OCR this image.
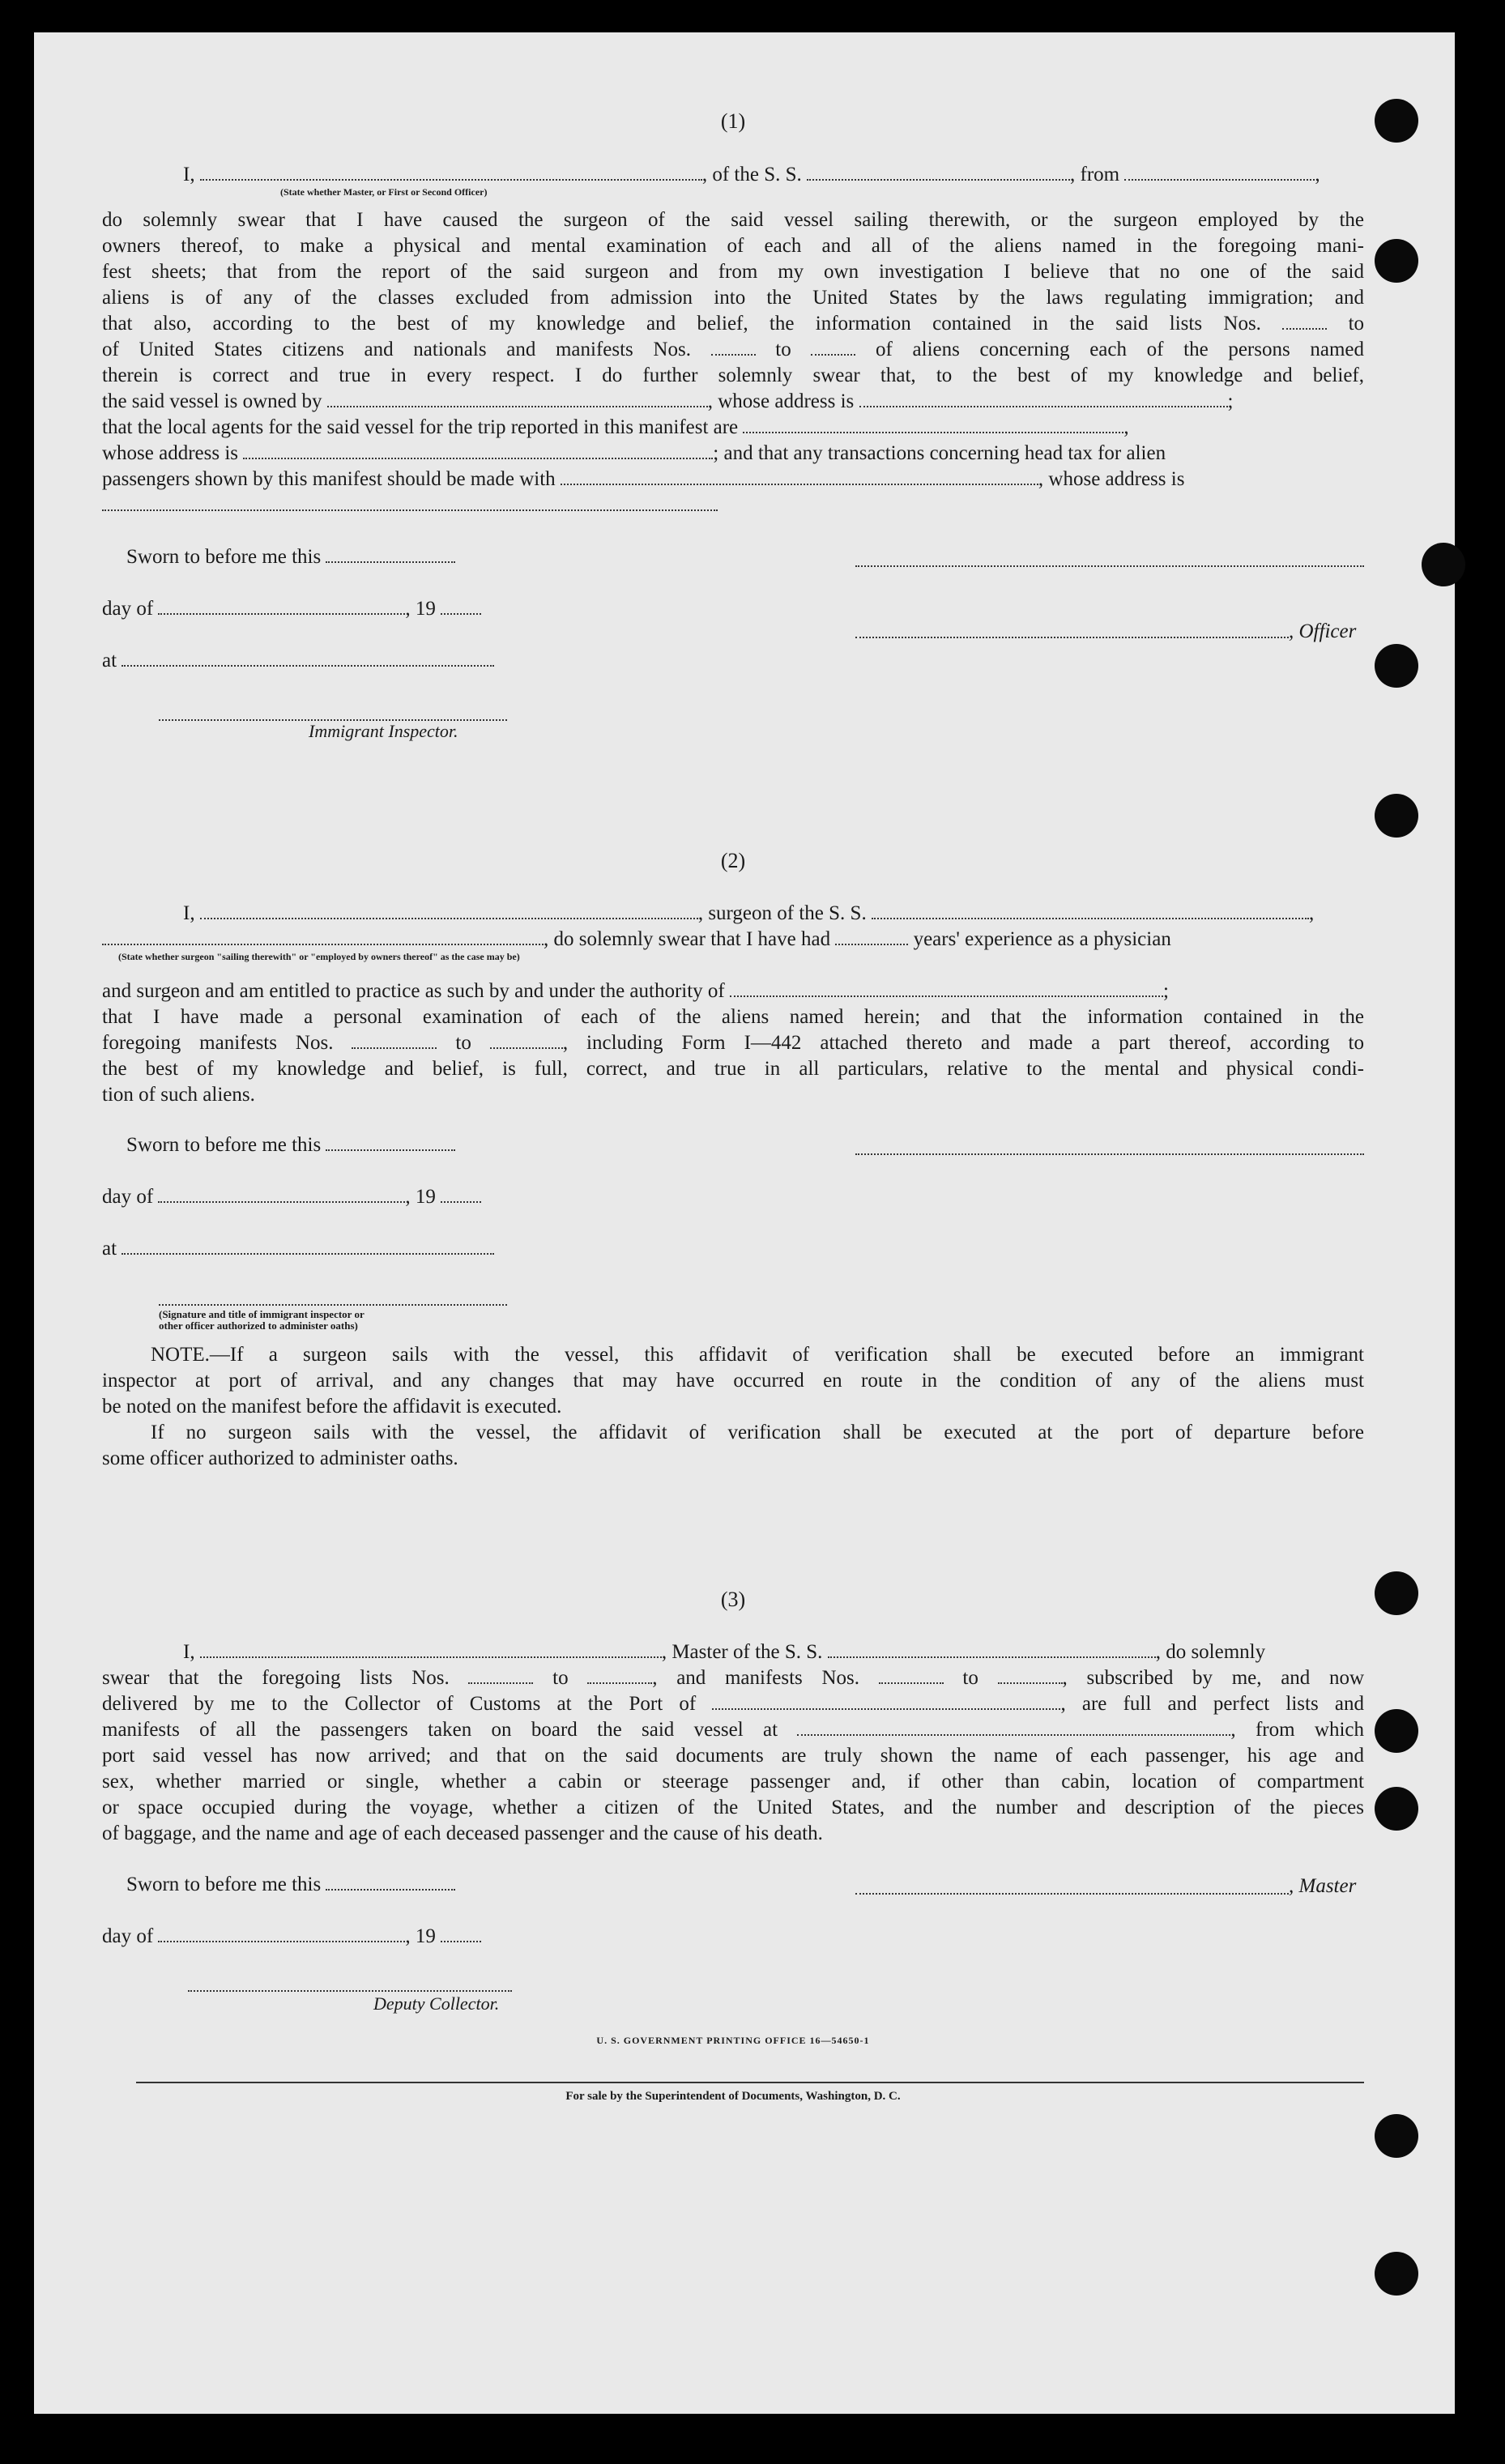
(1)
I,	, of the S. S.	, from	,
(State whether Master, or First or Second Officer)
do solemnly swear that I have caused the surgeon of the said vessel sailing therewith, or the surgeon employed by the
owners thereof, to make a physical and mental examination of each and all of the aliens named in the foregoing mani-
fest sheets; that from the report of the said surgeon and from my own investigation I believe that no one of the said
aliens is of any of the classes excluded from admission into the United States by the laws regulating immigration; and
that also, according to the best of my knowledge and belief, the information contained in the said lists Nos.	to
of United States citizens and nationals and manifests Nos.	to	of aliens concerning each of the persons named
therein is correct and true in every respect. I do further solemnly swear that, to the best of my knowledge and belief,
the said vessel is owned by	, whose address is	;
that the local agents for the said vessel for the trip reported in this manifest are	,
whose address is	; and that any transactions concerning head tax for alien
passengers shown by this manifest should be made with	, whose address is
Sworn to before me this
day of	, 19
, Officer
at
Immigrant Inspector.
(2)
I,	, surgeon of the S. S.	,
, do solemnly swear that I have had	years' experience as a physician
(State whether surgeon "sailing therewith" or "employed by owners thereof" as the case may be)
and surgeon and am entitled to practice as such by and under the authority of	;
that I have made a personal examination of each of the aliens named herein; and that the information contained in the
foregoing manifests Nos.	to	, including Form I—442 attached thereto and made a part thereof, according to
the best of my knowledge and belief, is full, correct, and true in all particulars, relative to the mental and physical condi-
tion of such aliens.
Sworn to before me this
day of	, 19
at
(Signature and title of immigrant inspector or
other officer authorized to administer oaths)
NOTE.—If a surgeon sails with the vessel, this affidavit of verification shall be executed before an immigrant
inspector at port of arrival, and any changes that may have occurred en route in the condition of any of the aliens must
be noted on the manifest before the affidavit is executed.
If no surgeon sails with the vessel, the affidavit of verification shall be executed at the port of departure before
some officer authorized to administer oaths.
(3)
I,	, Master of the S. S.	, do solemnly
swear that the foregoing lists Nos.	to	, and manifests Nos.	to	, subscribed by me, and now
delivered by me to the Collector of Customs at the Port of	, are full and perfect lists and
manifests of all the passengers taken on board the said vessel at	, from which
port said vessel has now arrived; and that on the said documents are truly shown the name of each passenger, his age and
sex, whether married or single, whether a cabin or steerage passenger and, if other than cabin, location of compartment
or space occupied during the voyage, whether a citizen of the United States, and the number and description of the pieces
of baggage, and the name and age of each deceased passenger and the cause of his death.
Sworn to before me this	, Master
day of	, 19
Deputy Collector.
U. S. GOVERNMENT PRINTING OFFICE 16—54650-1
For sale by the Superintendent of Documents, Washington, D. C.
